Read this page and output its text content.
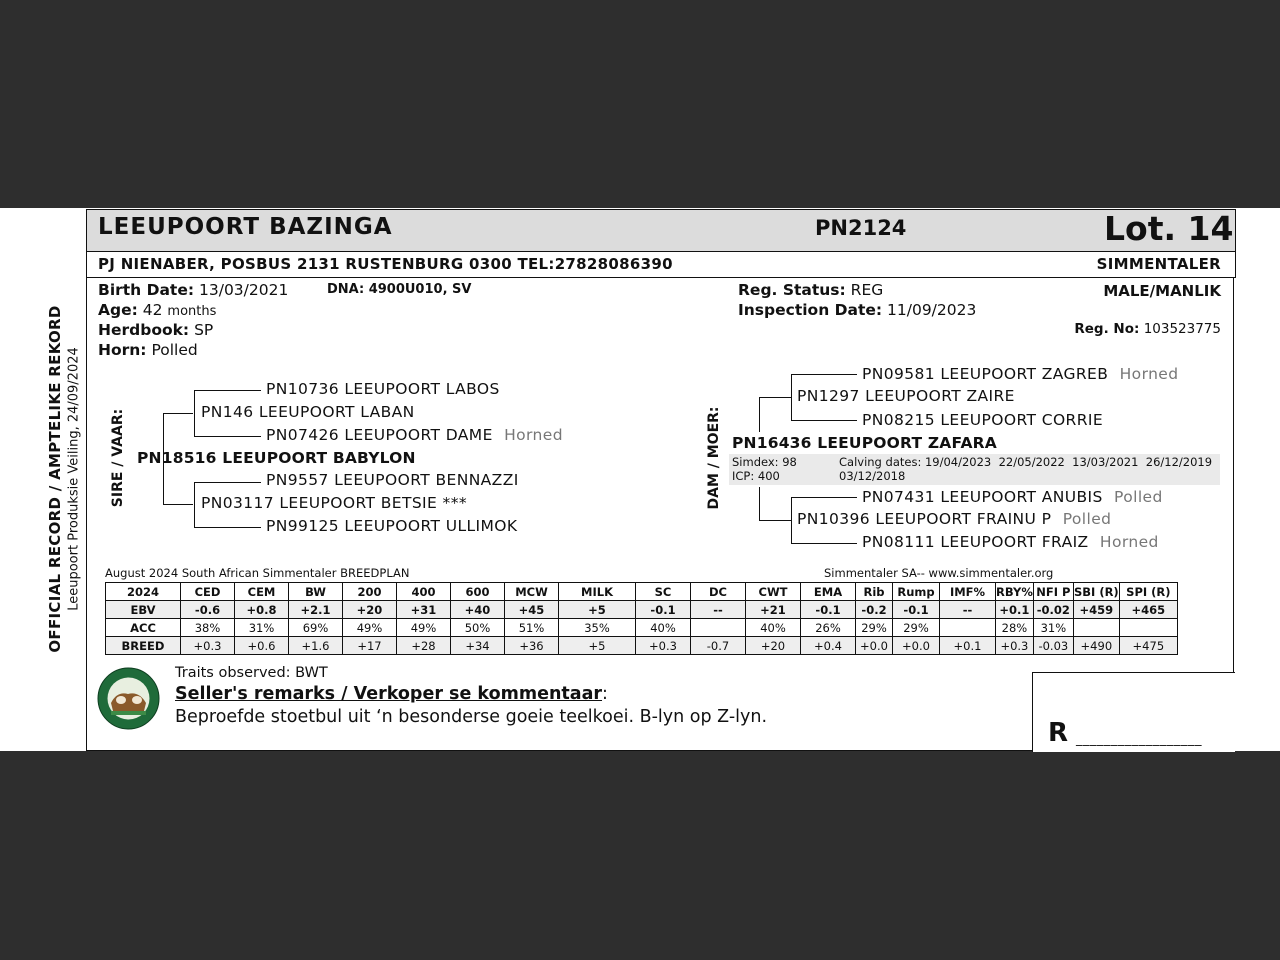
LEEUPOORT BAZINGA	PN2124	Lot. 14
PJ NIENABER, POSBUS 2131 RUSTENBURG 0300 TEL:27828086390	SIMMENTALER
Birth Date: 13/03/2021	DNA: 4900U010, SV
Age: 42 months
Herdbook: SP
Horn: Polled
Reg. Status: REG
Inspection Date: 11/09/2023
MALE/MANLIK
Reg. No: 103523775
OFFICIAL RECORD / AMPTELIKE REKORD Leeupoort Produksie Veiling, 24/09/2024 SIRE / VAAR:
PN10736 LEEUPOORT LABOS
PN146 LEEUPOORT LABAN
PN07426 LEEUPOORT DAME Horned
PN18516 LEEUPOORT BABYLON
PN9557 LEEUPOORT BENNAZZI
PN03117 LEEUPOORT BETSIE ***
PN99125 LEEUPOORT ULLIMOK
DAM / MOER:
PN09581 LEEUPOORT ZAGREB Horned
PN1297 LEEUPOORT ZAIRE
PN08215 LEEUPOORT CORRIE
PN16436 LEEUPOORT ZAFARA
Simdex: 98
ICP: 400
Calving dates: 19/04/2023  22/05/2022  13/03/2021  26/12/2019
03/12/2018
PN07431 LEEUPOORT ANUBIS Polled
PN10396 LEEUPOORT FRAINU P Polled
PN08111 LEEUPOORT FRAIZ Horned
August 2024 South African Simmentaler BREEDPLAN	Simmentaler SA-- www.simmentaler.org
2024	CED	CEM	BW	200	400	600	MCW	MILK	SC	DC	CWT	EMA	Rib	Rump	IMF%	RBY%	NFI P	SBI (R)	SPI (R)
EBV	-0.6	+0.8	+2.1	+20	+31	+40	+45	+5	-0.1	--	+21	-0.1	-0.2	-0.1	--	+0.1	-0.02	+459	+465
ACC	38%	31%	69%	49%	49%	50%	51%	35%	40%		40%	26%	29%	29%		28%	31%		
BREED	+0.3	+0.6	+1.6	+17	+28	+34	+36	+5	+0.3	-0.7	+20	+0.4	+0.0	+0.0	+0.1	+0.3	-0.03	+490	+475
Traits observed: BWT
Seller's remarks / Verkoper se kommentaar:
Beproefde stoetbul uit ‘n besonderse goeie teelkoei. B-lyn op Z-lyn.
R __________________
